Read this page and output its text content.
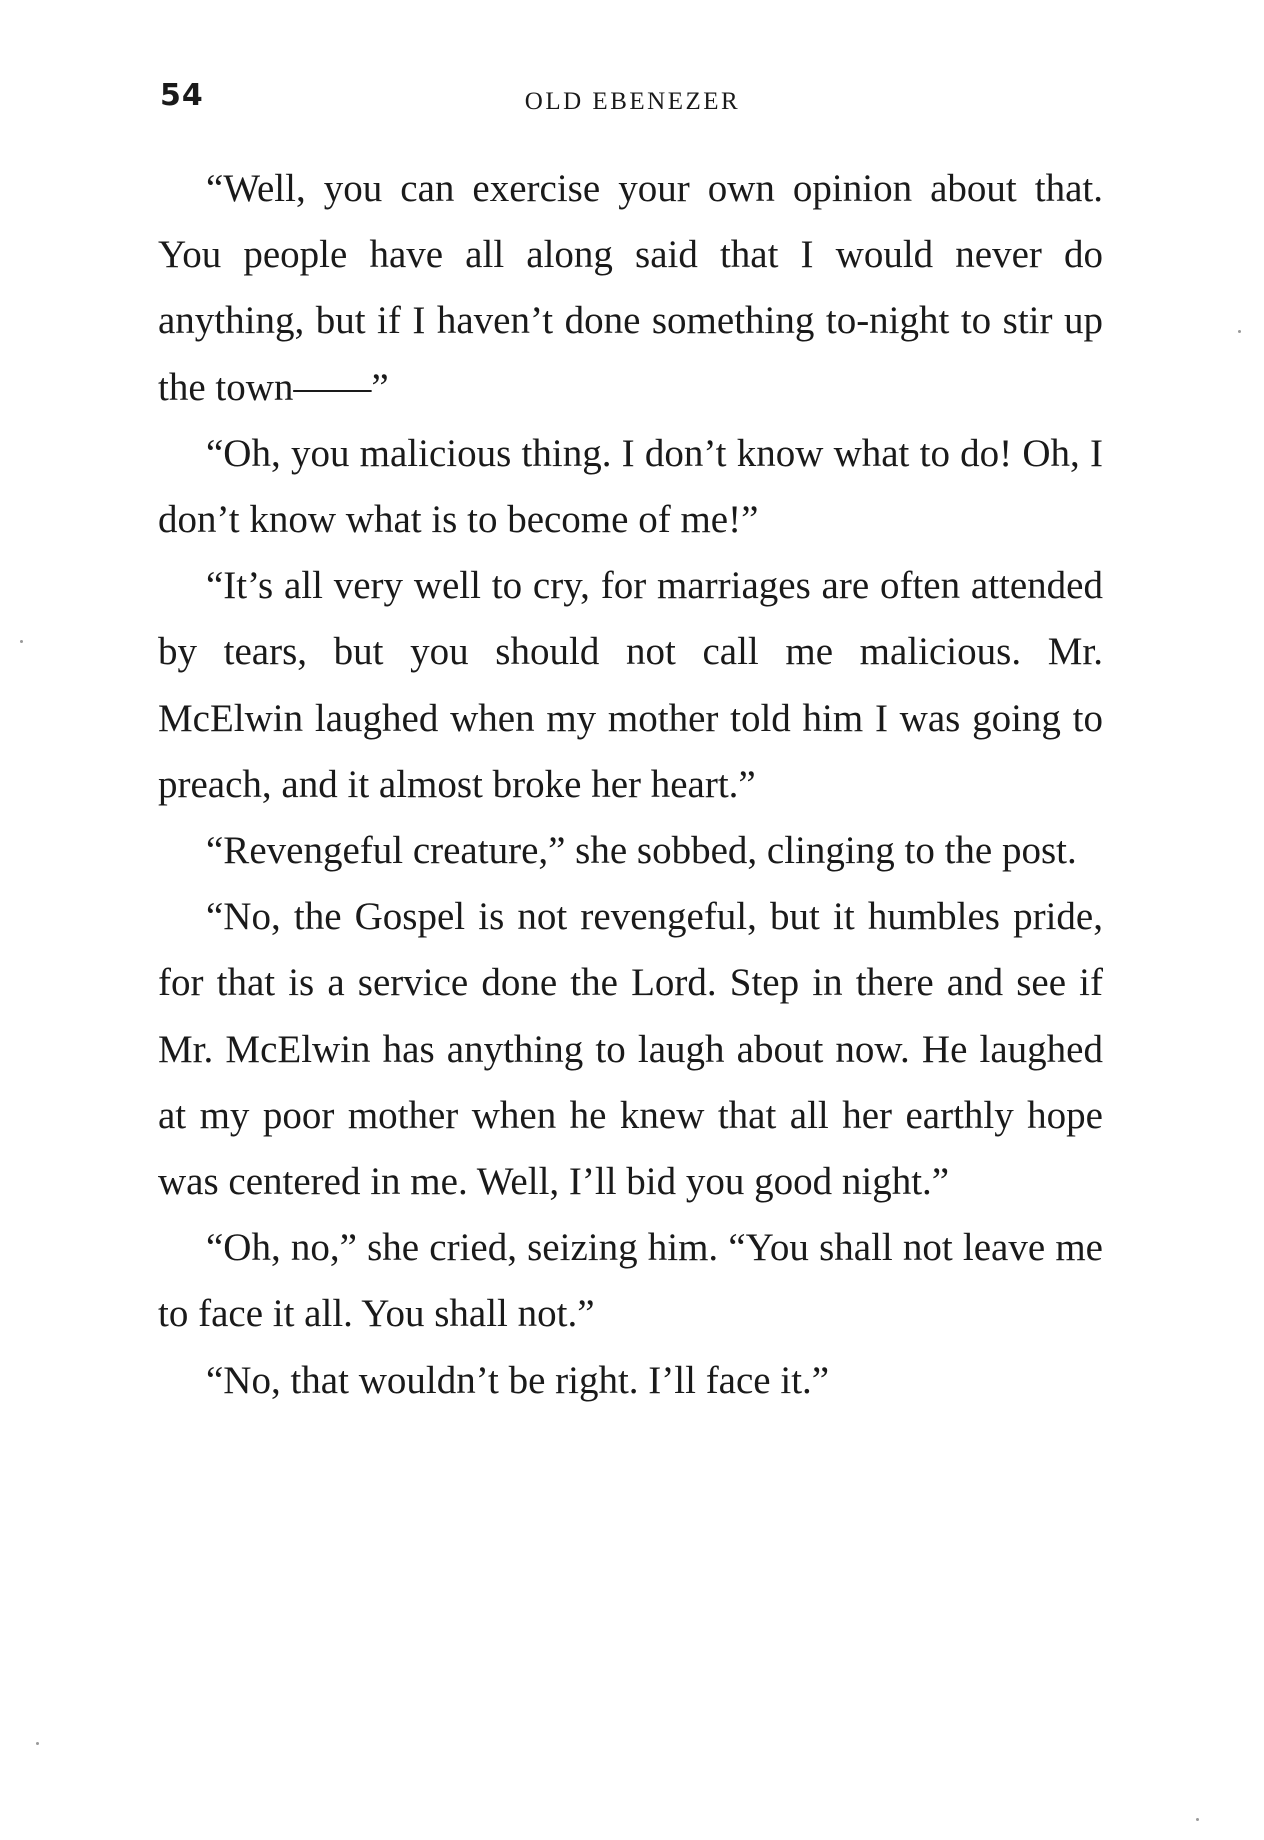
54	OLD EBENEZER

“Well, you can exercise your own opinion about that. You people have all along said that I would never do anything, but if I haven’t done something to-night to stir up the town——”

“Oh, you malicious thing. I don’t know what to do! Oh, I don’t know what is to become of me!”

“It’s all very well to cry, for marriages are often attended by tears, but you should not call me malicious. Mr. McElwin laughed when my mother told him I was going to preach, and it almost broke her heart.”

“Revengeful creature,” she sobbed, clinging to the post.

“No, the Gospel is not revengeful, but it humbles pride, for that is a service done the Lord. Step in there and see if Mr. McElwin has anything to laugh about now. He laughed at my poor mother when he knew that all her earthly hope was centered in me. Well, I’ll bid you good night.”

“Oh, no,” she cried, seizing him. “You shall not leave me to face it all. You shall not.”

“No, that wouldn’t be right. I’ll face it.”
